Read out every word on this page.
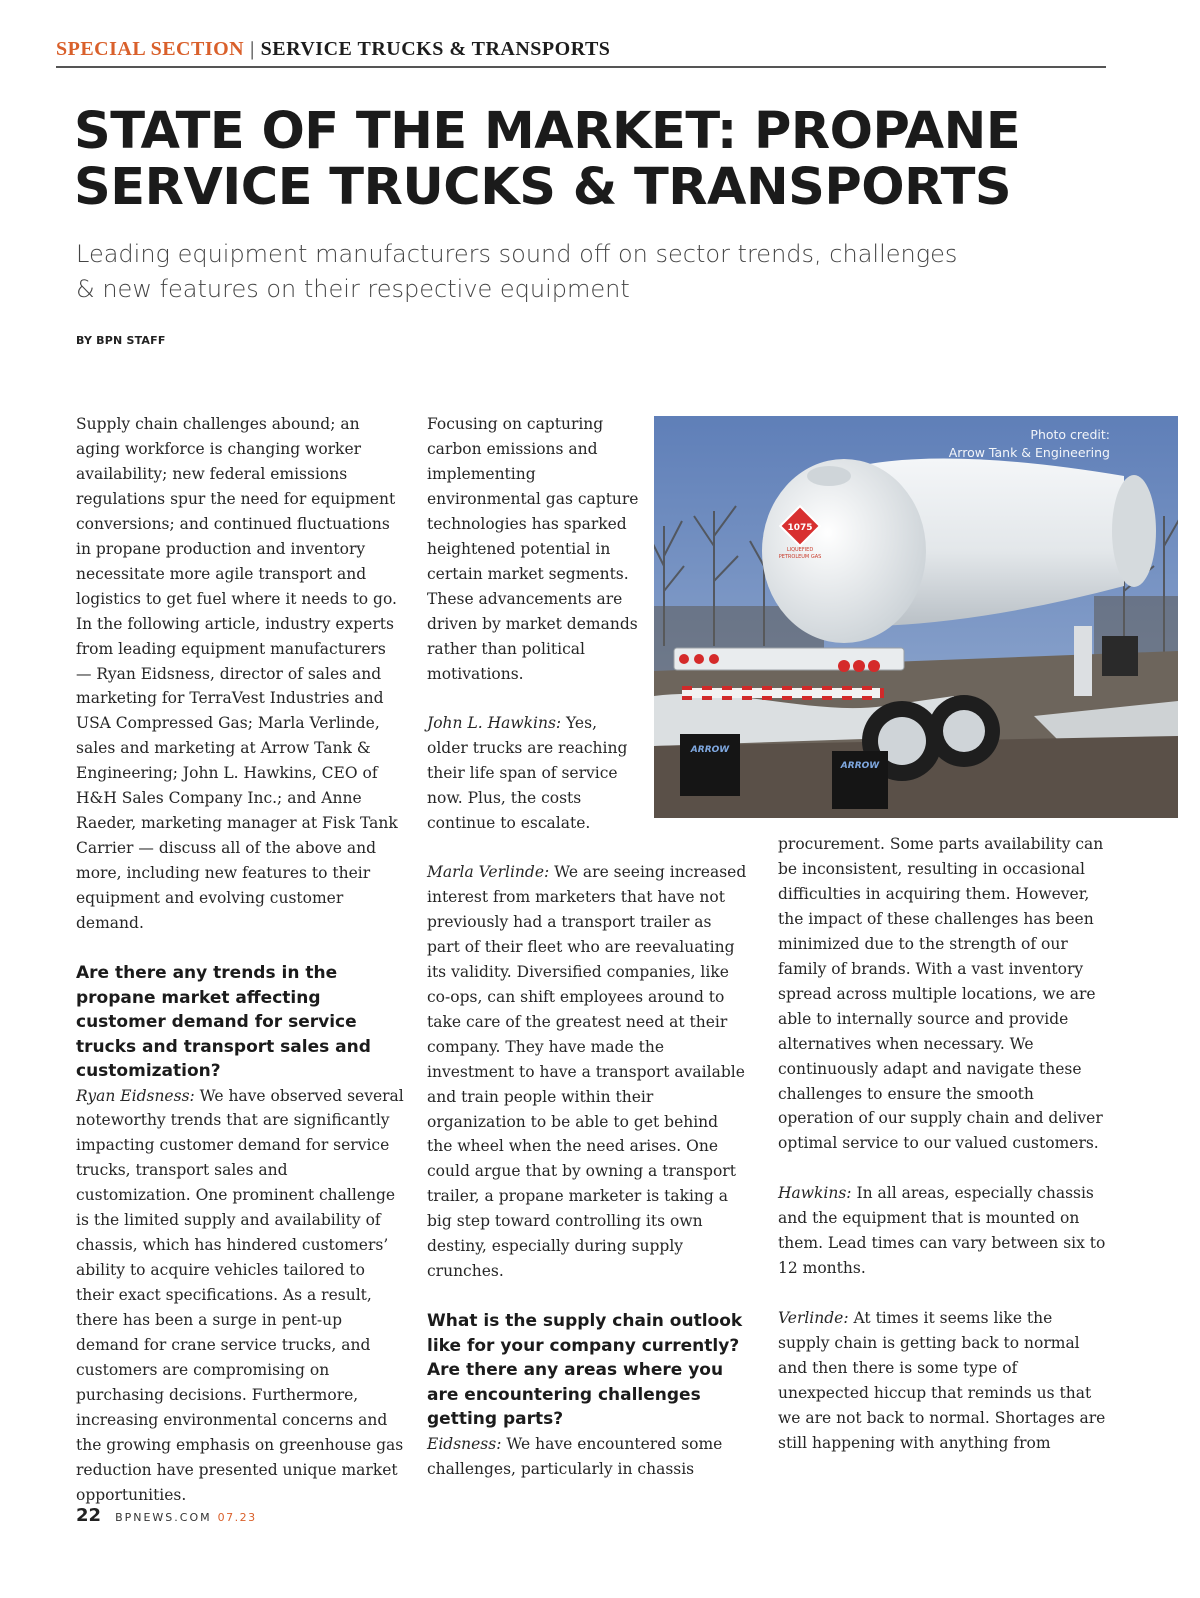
SPECIAL SECTION | SERVICE TRUCKS & TRANSPORTS
STATE OF THE MARKET: PROPANE
SERVICE TRUCKS & TRANSPORTS

Leading equipment manufacturers sound off on sector trends, challenges & new features on their respective equipment

BY BPN STAFF

Supply chain challenges abound; an aging workforce is changing worker availability; new federal emissions regulations spur the need for equipment conversions; and continued fluctuations in propane production and inventory necessitate more agile transport and logistics to get fuel where it needs to go. In the following article, industry experts from leading equipment manufacturers — Ryan Eidsness, director of sales and marketing for TerraVest Industries and USA Compressed Gas; Marla Verlinde, sales and marketing at Arrow Tank & Engineering; John L. Hawkins, CEO of H&H Sales Company Inc.; and Anne Raeder, marketing manager at Fisk Tank Carrier — discuss all of the above and more, including new features to their equipment and evolving customer demand.

Are there any trends in the propane market affecting customer demand for service trucks and transport sales and customization?

Ryan Eidsness: We have observed several noteworthy trends that are significantly impacting customer demand for service trucks, transport sales and customization. One prominent challenge is the limited supply and availability of chassis, which has hindered customers’ ability to acquire vehicles tailored to their exact specifications. As a result, there has been a surge in pent-up demand for crane service trucks, and customers are compromising on purchasing decisions. Furthermore, increasing environmental concerns and the growing emphasis on greenhouse gas reduction have presented unique market opportunities.

Focusing on capturing carbon emissions and implementing environmental gas capture technologies has sparked heightened potential in certain market segments. These advancements are driven by market demands rather than political motivations.

John L. Hawkins: Yes, older trucks are reaching their life span of service now. Plus, the costs continue to escalate.

1075
LIQUEFIED
PETROLEUM GAS
ARROW
ARROW
Photo credit:
Arrow Tank & Engineering

Marla Verlinde: We are seeing increased interest from marketers that have not previously had a transport trailer as part of their fleet who are reevaluating its validity. Diversified companies, like co-ops, can shift employees around to take care of the greatest need at their company. They have made the investment to have a transport available and train people within their organization to be able to get behind the wheel when the need arises. One could argue that by owning a transport trailer, a propane marketer is taking a big step toward controlling its own destiny, especially during supply crunches.

What is the supply chain outlook like for your company currently? Are there any areas where you are encountering challenges getting parts?

Eidsness: We have encountered some challenges, particularly in chassis

procurement. Some parts availability can be inconsistent, resulting in occasional difficulties in acquiring them. However, the impact of these challenges has been minimized due to the strength of our family of brands. With a vast inventory spread across multiple locations, we are able to internally source and provide alternatives when necessary. We continuously adapt and navigate these challenges to ensure the smooth operation of our supply chain and deliver optimal service to our valued customers.

Hawkins: In all areas, especially chassis and the equipment that is mounted on them. Lead times can vary between six to 12 months.

Verlinde: At times it seems like the supply chain is getting back to normal and then there is some type of unexpected hiccup that reminds us that we are not back to normal. Shortages are still happening with anything from

22 BPNEWS.COM 07.23
